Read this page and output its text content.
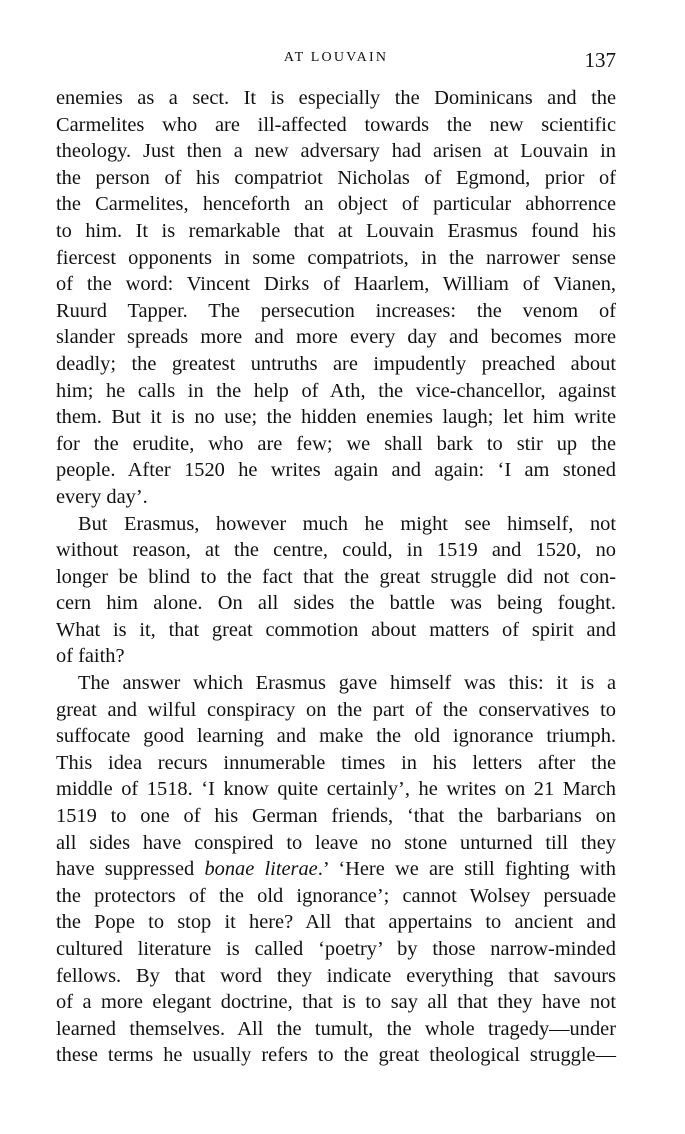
AT LOUVAIN	137
enemies as a sect. It is especially the Dominicans and the
Carmelites who are ill-affected towards the new scientific
theology. Just then a new adversary had arisen at Louvain in
the person of his compatriot Nicholas of Egmond, prior of
the Carmelites, henceforth an object of particular abhorrence
to him. It is remarkable that at Louvain Erasmus found his
fiercest opponents in some compatriots, in the narrower sense
of the word: Vincent Dirks of Haarlem, William of Vianen,
Ruurd Tapper. The persecution increases: the venom of
slander spreads more and more every day and becomes more
deadly; the greatest untruths are impudently preached about
him; he calls in the help of Ath, the vice-chancellor, against
them. But it is no use; the hidden enemies laugh; let him write
for the erudite, who are few; we shall bark to stir up the
people. After 1520 he writes again and again: ‘I am stoned
every day’.
But Erasmus, however much he might see himself, not
without reason, at the centre, could, in 1519 and 1520, no
longer be blind to the fact that the great struggle did not con-
cern him alone. On all sides the battle was being fought.
What is it, that great commotion about matters of spirit and
of faith?
The answer which Erasmus gave himself was this: it is a
great and wilful conspiracy on the part of the conservatives to
suffocate good learning and make the old ignorance triumph.
This idea recurs innumerable times in his letters after the
middle of 1518. ‘I know quite certainly’, he writes on 21 March
1519 to one of his German friends, ‘that the barbarians on
all sides have conspired to leave no stone unturned till they
have suppressed bonae literae.’ ‘Here we are still fighting with
the protectors of the old ignorance’; cannot Wolsey persuade
the Pope to stop it here? All that appertains to ancient and
cultured literature is called ‘poetry’ by those narrow-minded
fellows. By that word they indicate everything that savours
of a more elegant doctrine, that is to say all that they have not
learned themselves. All the tumult, the whole tragedy—under
these terms he usually refers to the great theological struggle—
